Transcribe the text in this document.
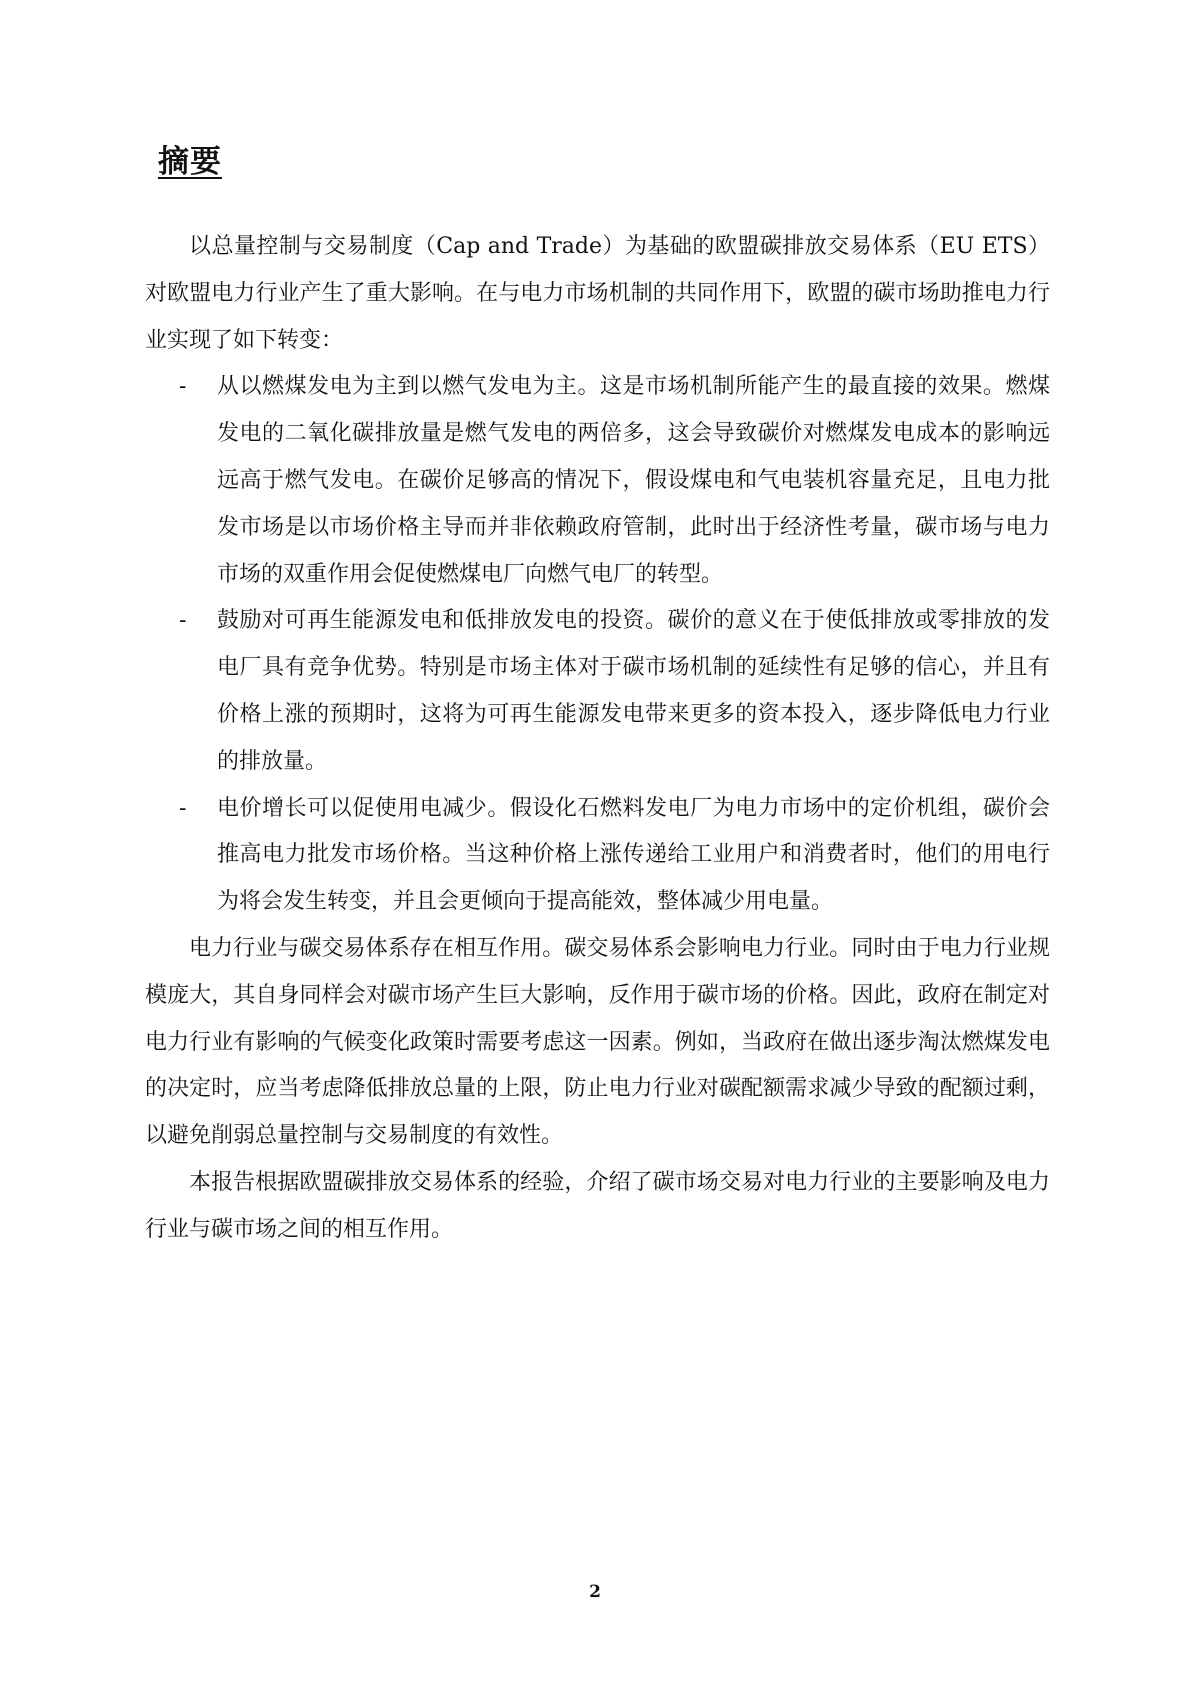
摘要

以总量控制与交易制度（Cap and Trade）为基础的欧盟碳排放交易体系（EU ETS）对欧盟电力行业产生了重大影响。在与电力市场机制的共同作用下，欧盟的碳市场助推电力行业实现了如下转变：

- 从以燃煤发电为主到以燃气发电为主。这是市场机制所能产生的最直接的效果。燃煤发电的二氧化碳排放量是燃气发电的两倍多，这会导致碳价对燃煤发电成本的影响远远高于燃气发电。在碳价足够高的情况下，假设煤电和气电装机容量充足，且电力批发市场是以市场价格主导而并非依赖政府管制，此时出于经济性考量，碳市场与电力市场的双重作用会促使燃煤电厂向燃气电厂的转型。
- 鼓励对可再生能源发电和低排放发电的投资。碳价的意义在于使低排放或零排放的发电厂具有竞争优势。特别是市场主体对于碳市场机制的延续性有足够的信心，并且有价格上涨的预期时，这将为可再生能源发电带来更多的资本投入，逐步降低电力行业的排放量。
- 电价增长可以促使用电减少。假设化石燃料发电厂为电力市场中的定价机组，碳价会推高电力批发市场价格。当这种价格上涨传递给工业用户和消费者时，他们的用电行为将会发生转变，并且会更倾向于提高能效，整体减少用电量。

电力行业与碳交易体系存在相互作用。碳交易体系会影响电力行业。同时由于电力行业规模庞大，其自身同样会对碳市场产生巨大影响，反作用于碳市场的价格。因此，政府在制定对电力行业有影响的气候变化政策时需要考虑这一因素。例如，当政府在做出逐步淘汰燃煤发电的决定时，应当考虑降低排放总量的上限，防止电力行业对碳配额需求减少导致的配额过剩，以避免削弱总量控制与交易制度的有效性。

本报告根据欧盟碳排放交易体系的经验，介绍了碳市场交易对电力行业的主要影响及电力行业与碳市场之间的相互作用。

2
